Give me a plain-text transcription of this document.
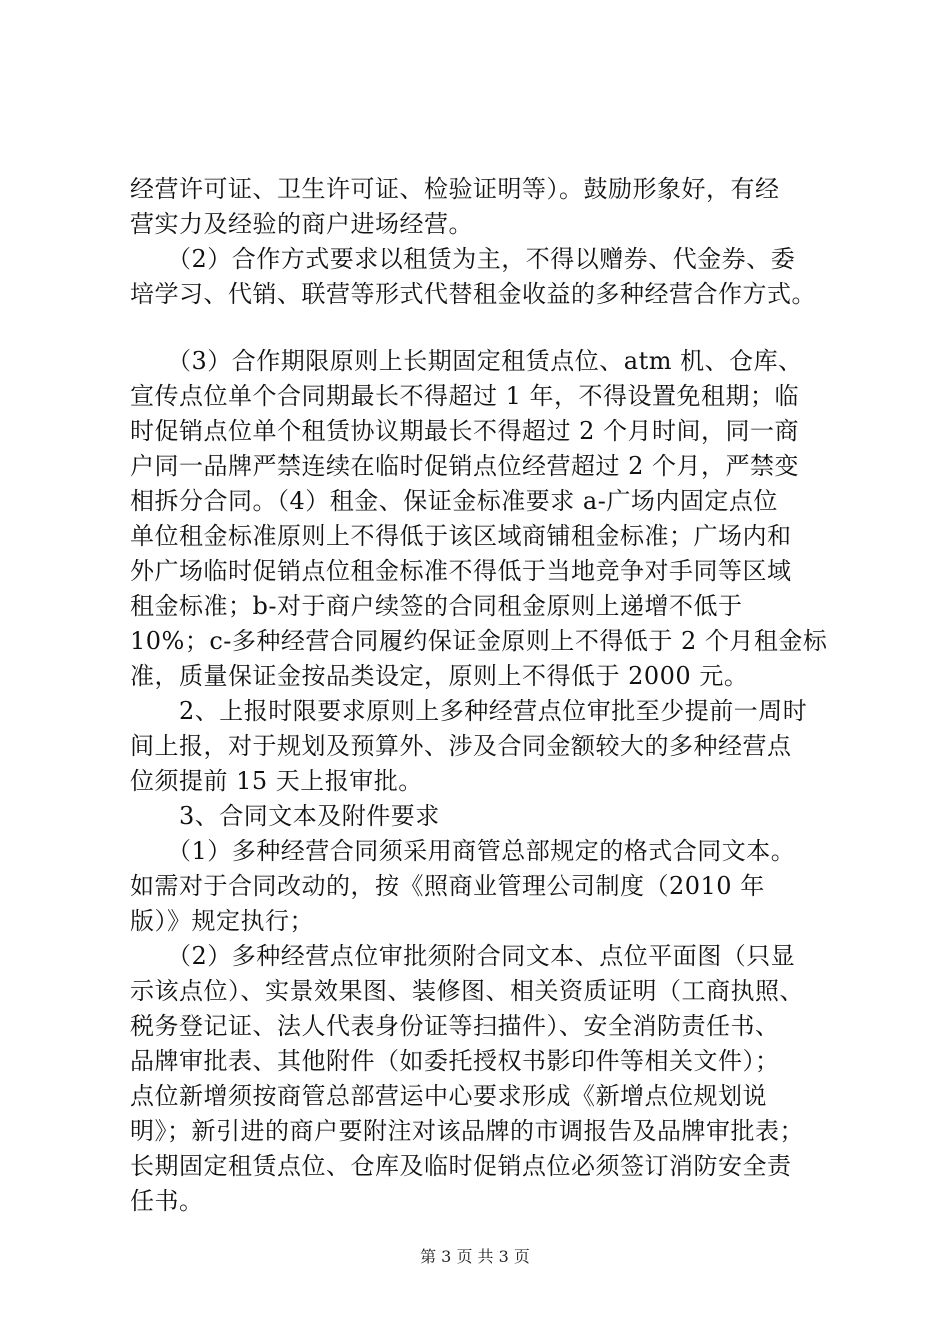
经营许可证、卫生许可证、检验证明等）。鼓励形象好，有经
营实力及经验的商户进场经营。
　　（2）合作方式要求以租赁为主，不得以赠券、代金券、委
培学习、代销、联营等形式代替租金收益的多种经营合作方式。
　　（3）合作期限原则上长期固定租赁点位、atm 机、仓库、
宣传点位单个合同期最长不得超过 1 年，不得设置免租期；临
时促销点位单个租赁协议期最长不得超过 2 个月时间，同一商
户同一品牌严禁连续在临时促销点位经营超过 2 个月，严禁变
相拆分合同。（4）租金、保证金标准要求 a-广场内固定点位
单位租金标准原则上不得低于该区域商铺租金标准；广场内和
外广场临时促销点位租金标准不得低于当地竞争对手同等区域
租金标准；b-对于商户续签的合同租金原则上递增不低于
10%；c-多种经营合同履约保证金原则上不得低于 2 个月租金标
准，质量保证金按品类设定，原则上不得低于 2000 元。
　　2、上报时限要求原则上多种经营点位审批至少提前一周时
间上报，对于规划及预算外、涉及合同金额较大的多种经营点
位须提前 15 天上报审批。
　　3、合同文本及附件要求
　　（1）多种经营合同须采用商管总部规定的格式合同文本。
如需对于合同改动的，按《照商业管理公司制度（2010 年
版）》规定执行；
　　（2）多种经营点位审批须附合同文本、点位平面图（只显
示该点位）、实景效果图、装修图、相关资质证明（工商执照、
税务登记证、法人代表身份证等扫描件）、安全消防责任书、
品牌审批表、其他附件（如委托授权书影印件等相关文件）；
点位新增须按商管总部营运中心要求形成《新增点位规划说
明》；新引进的商户要附注对该品牌的市调报告及品牌审批表；
长期固定租赁点位、仓库及临时促销点位必须签订消防安全责
任书。
第 3 页 共 3 页
